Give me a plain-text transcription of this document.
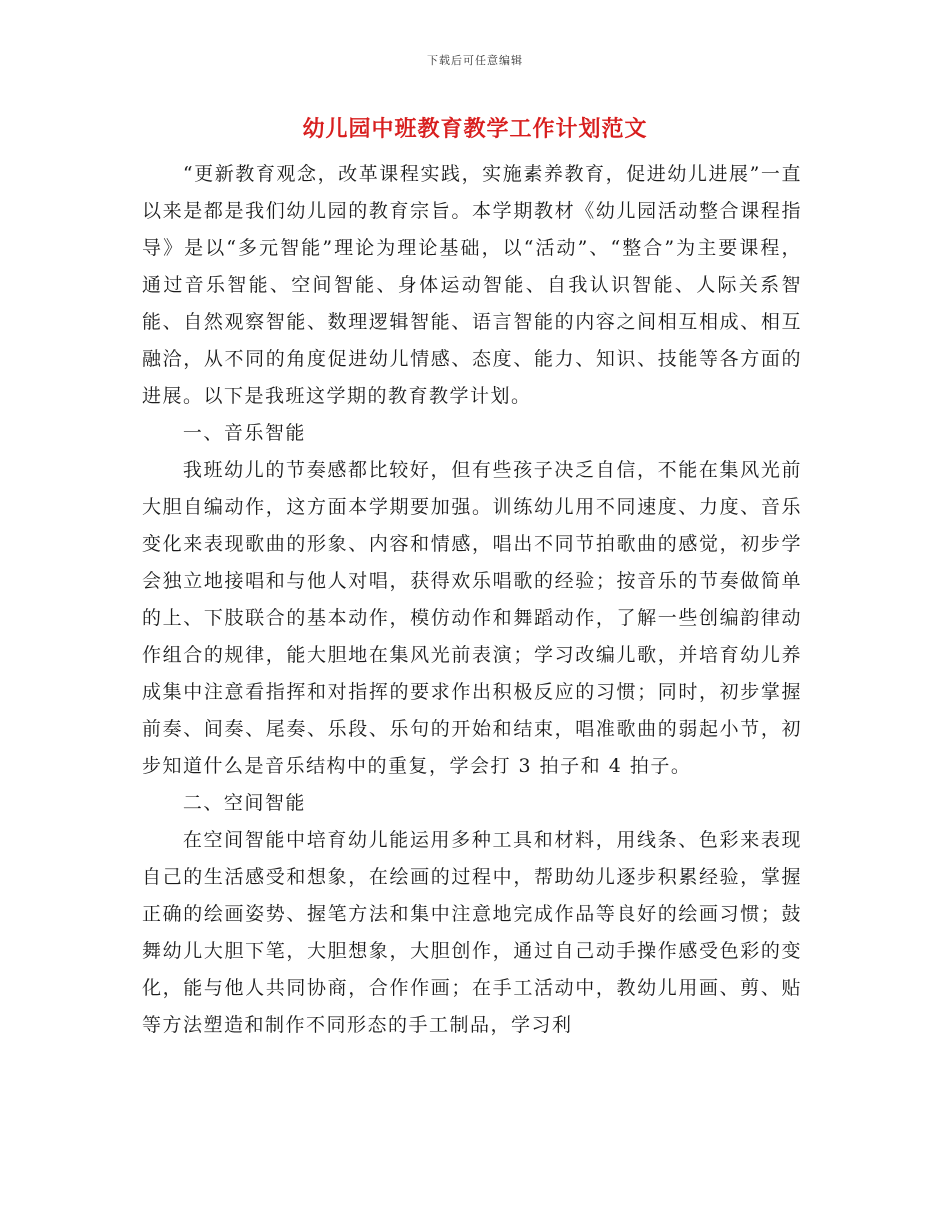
下载后可任意编辑
幼儿园中班教育教学工作计划范文

“更新教育观念，改革课程实践，实施素养教育，促进幼儿进展”一直以来是都是我们幼儿园的教育宗旨。本学期教材《幼儿园活动整合课程指导》是以“多元智能”理论为理论基础，以“活动”、“整合”为主要课程，通过音乐智能、空间智能、身体运动智能、自我认识智能、人际关系智能、自然观察智能、数理逻辑智能、语言智能的内容之间相互相成、相互融洽，从不同的角度促进幼儿情感、态度、能力、知识、技能等各方面的进展。以下是我班这学期的教育教学计划。

一、音乐智能

我班幼儿的节奏感都比较好，但有些孩子决乏自信，不能在集风光前大胆自编动作，这方面本学期要加强。训练幼儿用不同速度、力度、音乐变化来表现歌曲的形象、内容和情感，唱出不同节拍歌曲的感觉，初步学会独立地接唱和与他人对唱，获得欢乐唱歌的经验；按音乐的节奏做简单的上、下肢联合的基本动作，模仿动作和舞蹈动作，了解一些创编韵律动作组合的规律，能大胆地在集风光前表演；学习改编儿歌，并培育幼儿养成集中注意看指挥和对指挥的要求作出积极反应的习惯；同时，初步掌握前奏、间奏、尾奏、乐段、乐句的开始和结束，唱准歌曲的弱起小节，初步知道什么是音乐结构中的重复，学会打 3 拍子和 4 拍子。

二、空间智能

在空间智能中培育幼儿能运用多种工具和材料，用线条、色彩来表现自己的生活感受和想象，在绘画的过程中，帮助幼儿逐步积累经验，掌握正确的绘画姿势、握笔方法和集中注意地完成作品等良好的绘画习惯；鼓舞幼儿大胆下笔，大胆想象，大胆创作，通过自己动手操作感受色彩的变化，能与他人共同协商，合作作画；在手工活动中，教幼儿用画、剪、贴等方法塑造和制作不同形态的手工制品，学习利
